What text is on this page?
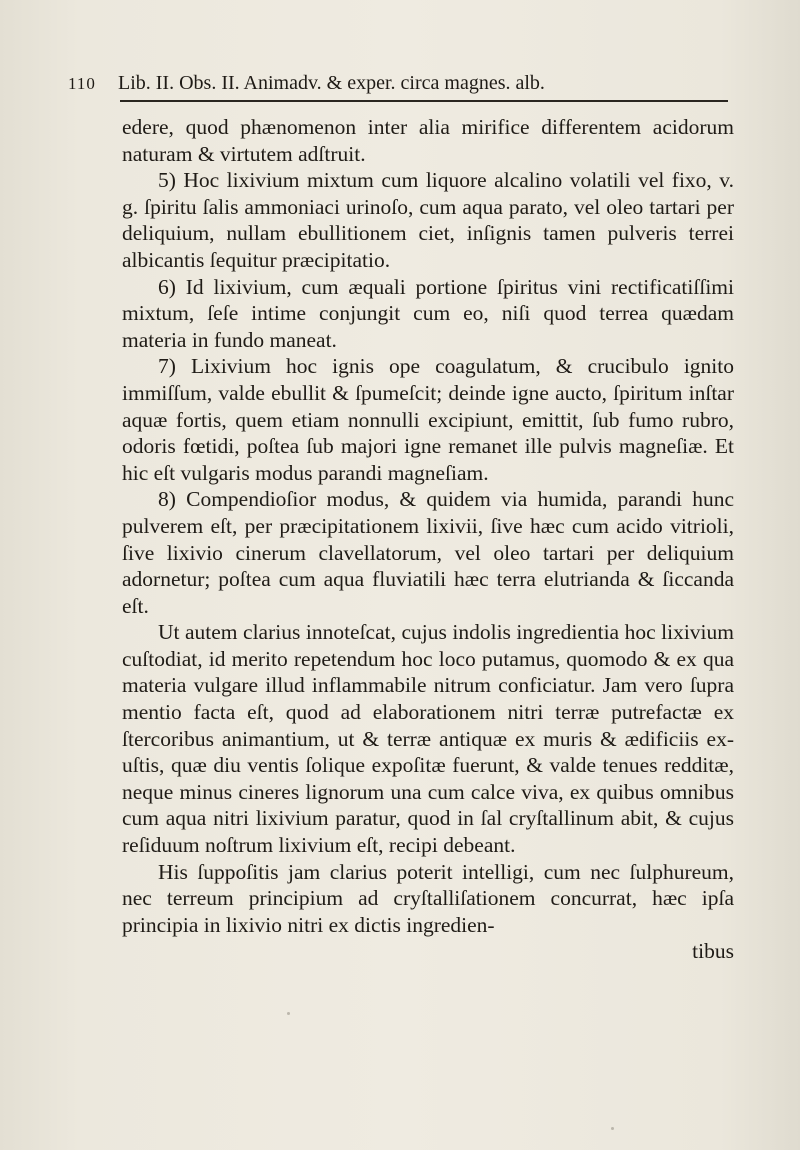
110 Lib. II. Obs. II. Animadv. & exper. circa magnes. alb.

edere, quod phænomenon inter alia mirifice differentem acidorum naturam & virtutem adſtruit.

5) Hoc lixivium mixtum cum liquore alcalino volatili vel fixo, v. g. ſpiritu ſalis ammoniaci urinoſo, cum aqua parato, vel oleo tartari per deliquium, nullam ebullitionem ciet, inſignis tamen pulveris terrei albicantis ſequitur præcipitatio.

6) Id lixivium, cum æquali portione ſpiritus vini rectificatiſſimi mixtum, ſeſe intime conjungit cum eo, niſi quod terrea quædam materia in fundo maneat.

7) Lixivium hoc ignis ope coagulatum, & crucibulo ignito immiſſum, valde ebullit & ſpumeſcit; deinde igne aucto, ſpiritum inſtar aquæ fortis, quem etiam nonnulli excipiunt, emittit, ſub fumo rubro, odoris fœtidi, poſtea ſub majori igne remanet ille pulvis magneſiæ. Et hic eſt vulgaris modus parandi magneſiam.

8) Compendioſior modus, & quidem via humida, parandi hunc pulverem eſt, per præcipitationem lixivii, ſive hæc cum acido vitrioli, ſive lixivio cinerum clavellatorum, vel oleo tartari per deliquium adornetur; poſtea cum aqua fluviatili hæc terra elutrianda & ſiccanda eſt.

Ut autem clarius innoteſcat, cujus indolis ingredientia hoc lixivium cuſtodiat, id merito repetendum hoc loco putamus, quomodo & ex qua materia vulgare illud inflammabile nitrum conficiatur. Jam vero ſupra mentio facta eſt, quod ad elaborationem nitri terræ putrefactæ ex ſtercoribus animantium, ut & terræ antiquæ ex muris & ædificiis exuſtis, quæ diu ventis ſolique expoſitæ fuerunt, & valde tenues redditæ, neque minus cineres lignorum una cum calce viva, ex quibus omnibus cum aqua nitri lixivium paratur, quod in ſal cryſtallinum abit, & cujus reſiduum noſtrum lixivium eſt, recipi debeant.

His ſuppoſitis jam clarius poterit intelligi, cum nec ſulphureum, nec terreum principium ad cryſtalliſationem concurrat, hæc ipſa principia in lixivio nitri ex dictis ingredien-

tibus
